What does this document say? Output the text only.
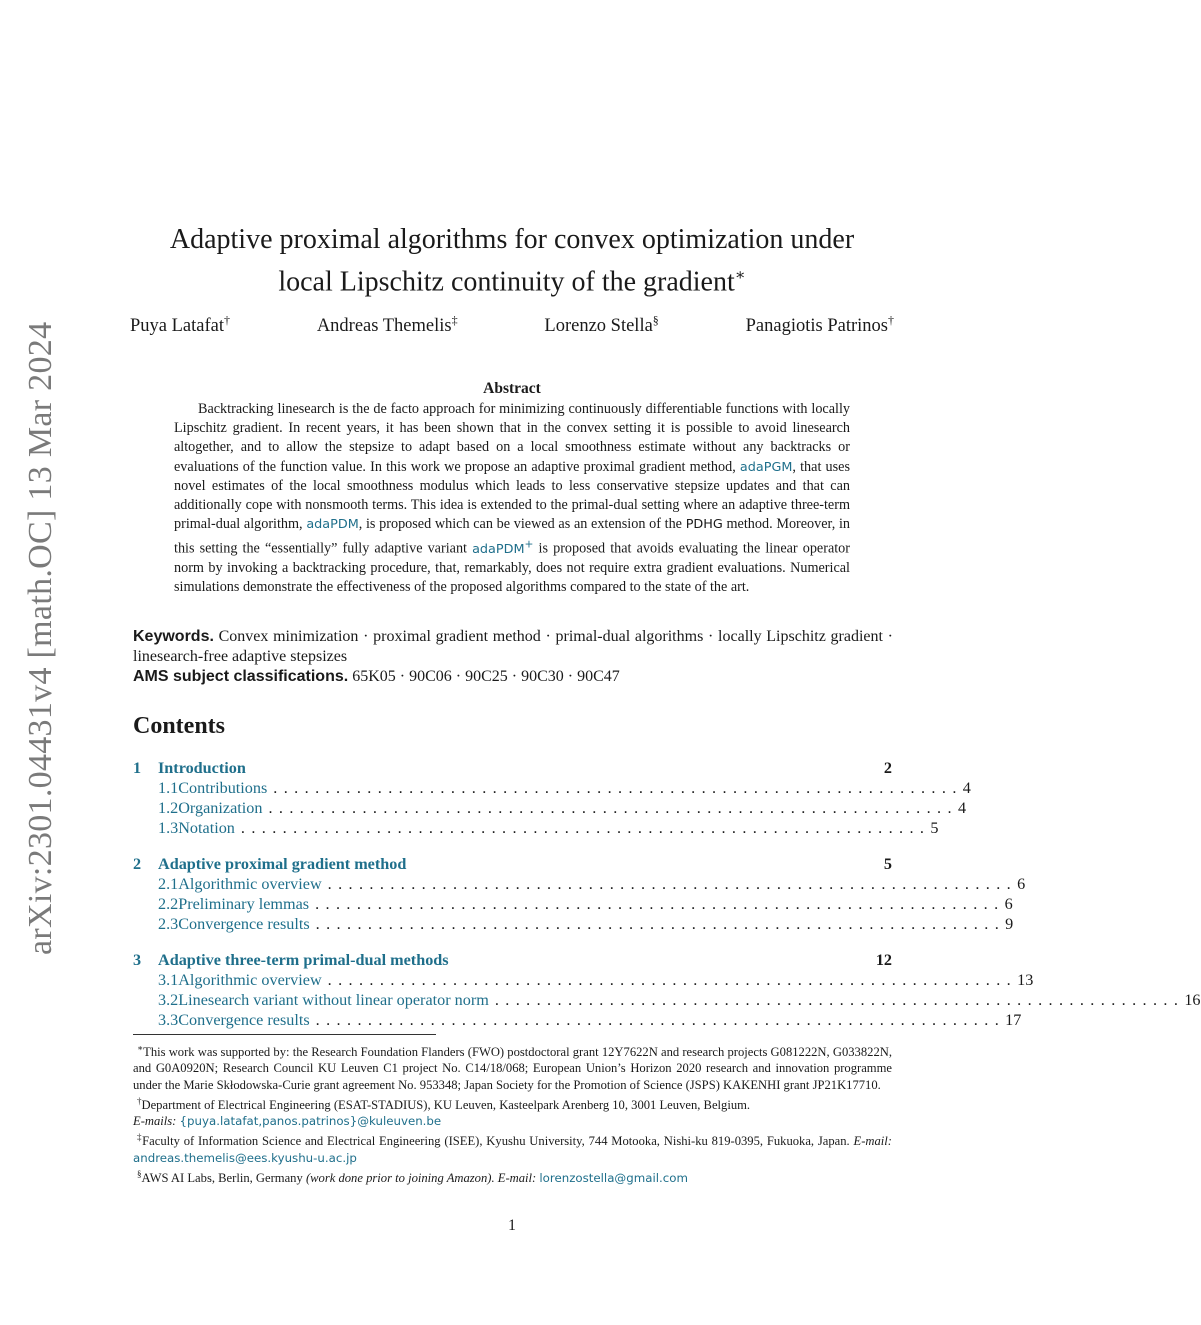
arXiv:2301.04431v4 [math.OC] 13 Mar 2024
Adaptive proximal algorithms for convex optimization under
local Lipschitz continuity of the gradient∗
Puya Latafat†	Andreas Themelis‡	Lorenzo Stella§	Panagiotis Patrinos†
Abstract

Backtracking linesearch is the de facto approach for minimizing continuously differentiable functions with locally Lipschitz gradient. In recent years, it has been shown that in the convex setting it is possible to avoid linesearch altogether, and to allow the stepsize to adapt based on a local smoothness estimate without any backtracks or evaluations of the function value. In this work we propose an adaptive proximal gradient method, adaPGM, that uses novel estimates of the local smoothness modulus which leads to less conservative stepsize updates and that can additionally cope with nonsmooth terms. This idea is extended to the primal-dual setting where an adaptive three-term primal-dual algorithm, adaPDM, is proposed which can be viewed as an extension of the PDHG method. Moreover, in this setting the “essentially” fully adaptive variant adaPDM+ is proposed that avoids evaluating the linear operator norm by invoking a backtracking procedure, that, remarkably, does not require extra gradient evaluations. Numerical simulations demonstrate the effectiveness of the proposed algorithms compared to the state of the art.

Keywords. Convex minimization · proximal gradient method · primal-dual algorithms · locally Lipschitz gradient · linesearch-free adaptive stepsizes

AMS subject classifications. 65K05 · 90C06 · 90C25 · 90C30 · 90C47

Contents
1	Introduction	2
1.1 Contributions .................................................................. 4
1.2 Organization .................................................................. 4
1.3 Notation .................................................................. 5
2	Adaptive proximal gradient method	5
2.1 Algorithmic overview .................................................................. 6
2.2 Preliminary lemmas .................................................................. 6
2.3 Convergence results .................................................................. 9
3	Adaptive three-term primal-dual methods	12
3.1 Algorithmic overview .................................................................. 13
3.2 Linesearch variant without linear operator norm .................................................................. 16
3.3 Convergence results .................................................................. 17

∗This work was supported by: the Research Foundation Flanders (FWO) postdoctoral grant 12Y7622N and research projects G081222N, G033822N, and G0A0920N; Research Council KU Leuven C1 project No. C14/18/068; European Union’s Horizon 2020 research and innovation programme under the Marie Skłodowska-Curie grant agreement No. 953348; Japan Society for the Promotion of Science (JSPS) KAKENHI grant JP21K17710.

†Department of Electrical Engineering (ESAT-STADIUS), KU Leuven, Kasteelpark Arenberg 10, 3001 Leuven, Belgium.
E-mails: {puya.latafat,panos.patrinos}@kuleuven.be

‡Faculty of Information Science and Electrical Engineering (ISEE), Kyushu University, 744 Motooka, Nishi-ku 819-0395, Fukuoka, Japan. E-mail: andreas.themelis@ees.kyushu-u.ac.jp

§AWS AI Labs, Berlin, Germany (work done prior to joining Amazon). E-mail: lorenzostella@gmail.com

1
